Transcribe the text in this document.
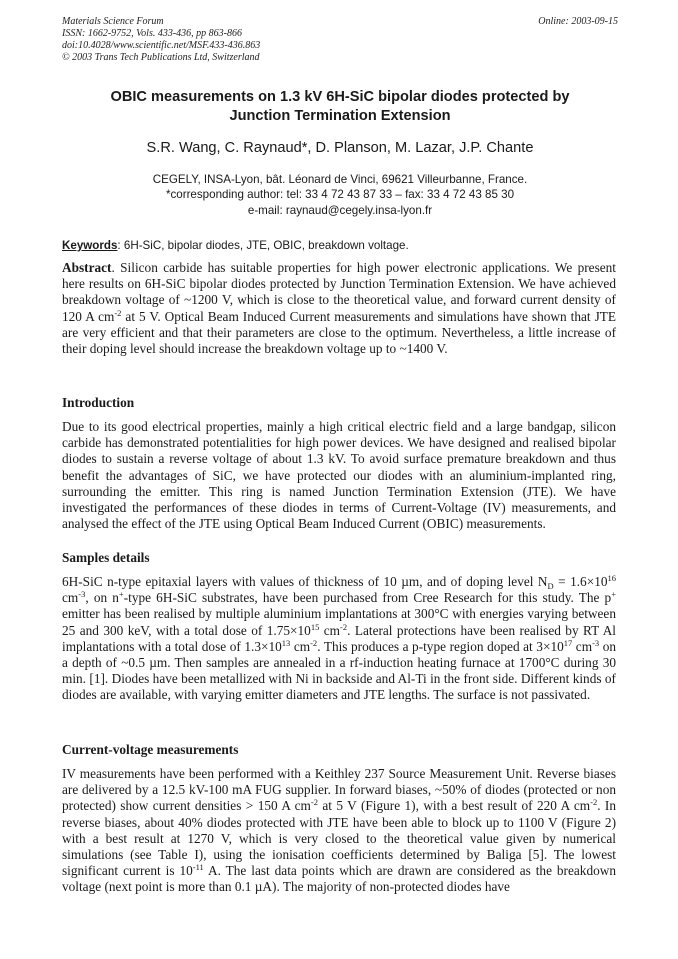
Materials Science Forum	Online: 2003-09-15
ISSN: 1662-9752, Vols. 433-436, pp 863-866
doi:10.4028/www.scientific.net/MSF.433-436.863
© 2003 Trans Tech Publications Ltd, Switzerland
OBIC measurements on 1.3 kV 6H-SiC bipolar diodes protected by
Junction Termination Extension
S.R. Wang, C. Raynaud*, D. Planson, M. Lazar, J.P. Chante
CEGELY, INSA-Lyon, bât. Léonard de Vinci, 69621 Villeurbanne, France.
*corresponding author: tel: 33 4 72 43 87 33 – fax: 33 4 72 43 85 30
e-mail: raynaud@cegely.insa-lyon.fr
Keywords: 6H-SiC, bipolar diodes, JTE, OBIC, breakdown voltage.
Abstract. Silicon carbide has suitable properties for high power electronic applications. We present here results on 6H-SiC bipolar diodes protected by Junction Termination Extension. We have achieved breakdown voltage of ~1200 V, which is close to the theoretical value, and forward current density of 120 A $cm^{-2}$ at 5 V. Optical Beam Induced Current measurements and simulations have shown that JTE are very efficient and that their parameters are close to the optimum. Nevertheless, a little increase of their doping level should increase the breakdown voltage up to ~1400 V.
Introduction
Due to its good electrical properties, mainly a high critical electric field and a large bandgap, silicon carbide has demonstrated potentialities for high power devices. We have designed and realised bipolar diodes to sustain a reverse voltage of about 1.3 kV. To avoid surface premature breakdown and thus benefit the advantages of SiC, we have protected our diodes with an aluminium-implanted ring, surrounding the emitter. This ring is named Junction Termination Extension (JTE). We have investigated the performances of these diodes in terms of Current-Voltage (IV) measurements, and analysed the effect of the JTE using Optical Beam Induced Current (OBIC) measurements.
Samples details
6H-SiC n-type epitaxial layers with values of thickness of 10 µm, and of doping level $N_D = 1.6\times 10^{16}$ $cm^{-3}$, on n+-type 6H-SiC substrates, have been purchased from Cree Research for this study. The p+ emitter has been realised by multiple aluminium implantations at 300°C with energies varying between 25 and 300 keV, with a total dose of $1.75\times 10^{15}$ $cm^{-2}$. Lateral protections have been realised by RT Al implantations with a total dose of $1.3\times 10^{13}$ $cm^{-2}$. This produces a p-type region doped at $3\times 10^{17}$ $cm^{-3}$ on a depth of ~0.5 µm. Then samples are annealed in a rf-induction heating furnace at 1700°C during 30 min. [1]. Diodes have been metallized with Ni in backside and Al-Ti in the front side. Different kinds of diodes are available, with varying emitter diameters and JTE lengths. The surface is not passivated.
Current-voltage measurements
IV measurements have been performed with a Keithley 237 Source Measurement Unit. Reverse biases are delivered by a 12.5 kV-100 mA FUG supplier. In forward biases, ~50% of diodes (protected or non protected) show current densities > 150 A $cm^{-2}$ at 5 V (Figure 1), with a best result of 220 A $cm^{-2}$. In reverse biases, about 40% diodes protected with JTE have been able to block up to 1100 V (Figure 2) with a best result at 1270 V, which is very closed to the theoretical value given by numerical simulations (see Table I), using the ionisation coefficients determined by Baliga [5]. The lowest significant current is $10^{-11}$ A. The last data points which are drawn are considered as the breakdown voltage (next point is more than 0.1 µA). The majority of non-protected diodes have
